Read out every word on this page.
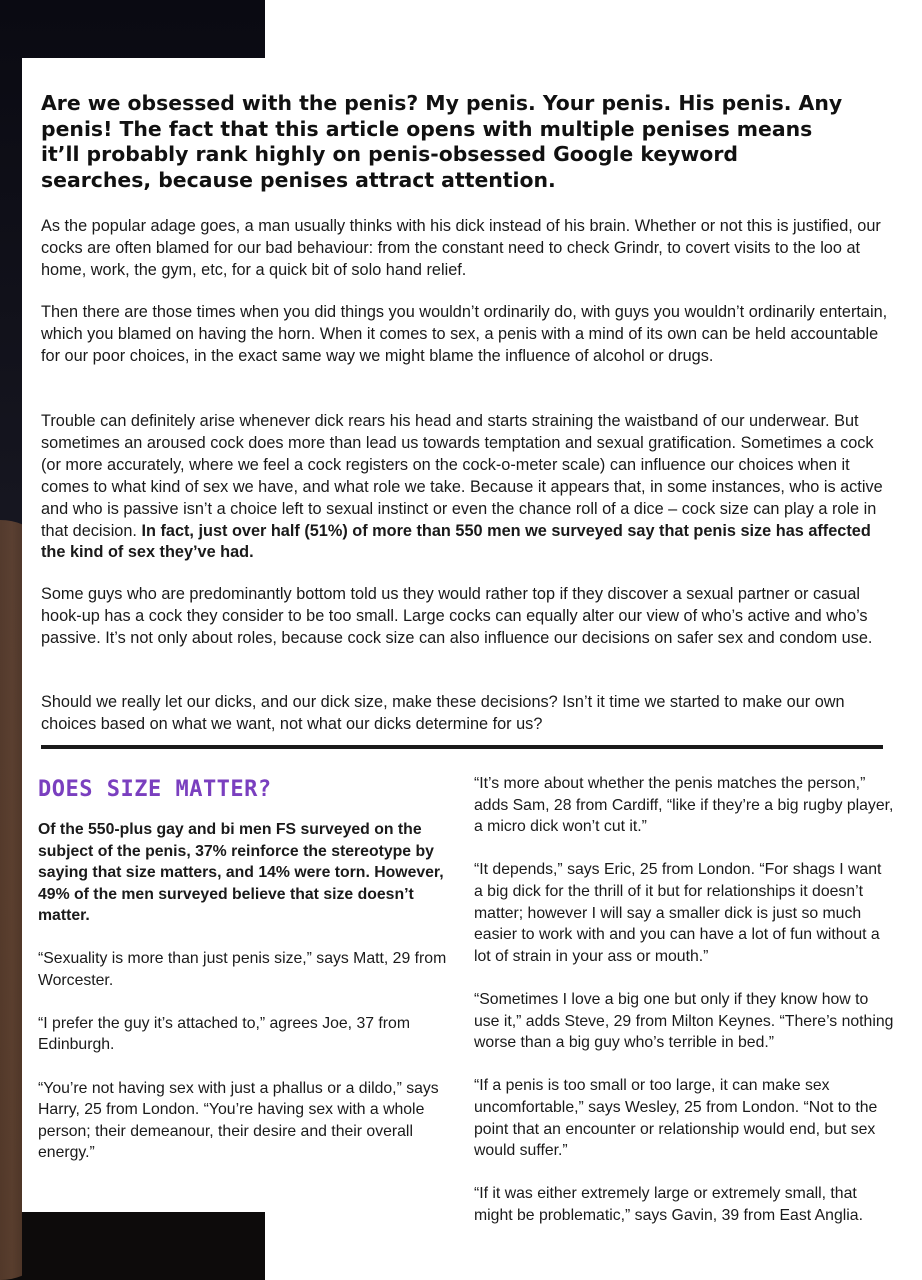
Are we obsessed with the penis? My penis. Your penis. His penis. Any penis! The fact that this article opens with multiple penises means it’ll probably rank highly on penis-obsessed Google keyword searches, because penises attract attention.

As the popular adage goes, a man usually thinks with his dick instead of his brain. Whether or not this is justified, our cocks are often blamed for our bad behaviour: from the constant need to check Grindr, to covert visits to the loo at home, work, the gym, etc, for a quick bit of solo hand relief.

Then there are those times when you did things you wouldn’t ordinarily do, with guys you wouldn’t ordinarily entertain, which you blamed on having the horn. When it comes to sex, a penis with a mind of its own can be held accountable for our poor choices, in the exact same way we might blame the influence of alcohol or drugs.

Trouble can definitely arise whenever dick rears his head and starts straining the waistband of our underwear. But sometimes an aroused cock does more than lead us towards temptation and sexual gratification. Sometimes a cock (or more accurately, where we feel a cock registers on the cock-o-meter scale) can influence our choices when it comes to what kind of sex we have, and what role we take. Because it appears that, in some instances, who is active and who is passive isn’t a choice left to sexual instinct or even the chance roll of a dice – cock size can play a role in that decision. In fact, just over half (51%) of more than 550 men we surveyed say that penis size has affected the kind of sex they’ve had.

Some guys who are predominantly bottom told us they would rather top if they discover a sexual partner or casual hook-up has a cock they consider to be too small. Large cocks can equally alter our view of who’s active and who’s passive. It’s not only about roles, because cock size can also influence our decisions on safer sex and condom use.

Should we really let our dicks, and our dick size, make these decisions? Isn’t it time we started to make our own choices based on what we want, not what our dicks determine for us?

DOES SIZE MATTER?

Of the 550-plus gay and bi men FS surveyed on the subject of the penis, 37% reinforce the stereotype by saying that size matters, and 14% were torn. However, 49% of the men surveyed believe that size doesn’t matter.

“Sexuality is more than just penis size,” says Matt, 29 from Worcester.

“I prefer the guy it’s attached to,” agrees Joe, 37 from Edinburgh.

“You’re not having sex with just a phallus or a dildo,” says Harry, 25 from London. “You’re having sex with a whole person; their demeanour, their desire and their overall energy.”

“It’s more about whether the penis matches the person,” adds Sam, 28 from Cardiff, “like if they’re a big rugby player, a micro dick won’t cut it.”

“It depends,” says Eric, 25 from London. “For shags I want a big dick for the thrill of it but for relationships it doesn’t matter; however I will say a smaller dick is just so much easier to work with and you can have a lot of fun without a lot of strain in your ass or mouth.”

“Sometimes I love a big one but only if they know how to use it,” adds Steve, 29 from Milton Keynes. “There’s nothing worse than a big guy who’s terrible in bed.”

“If a penis is too small or too large, it can make sex uncomfortable,” says Wesley, 25 from London. “Not to the point that an encounter or relationship would end, but sex would suffer.”

“If it was either extremely large or extremely small, that might be problematic,” says Gavin, 39 from East Anglia.
